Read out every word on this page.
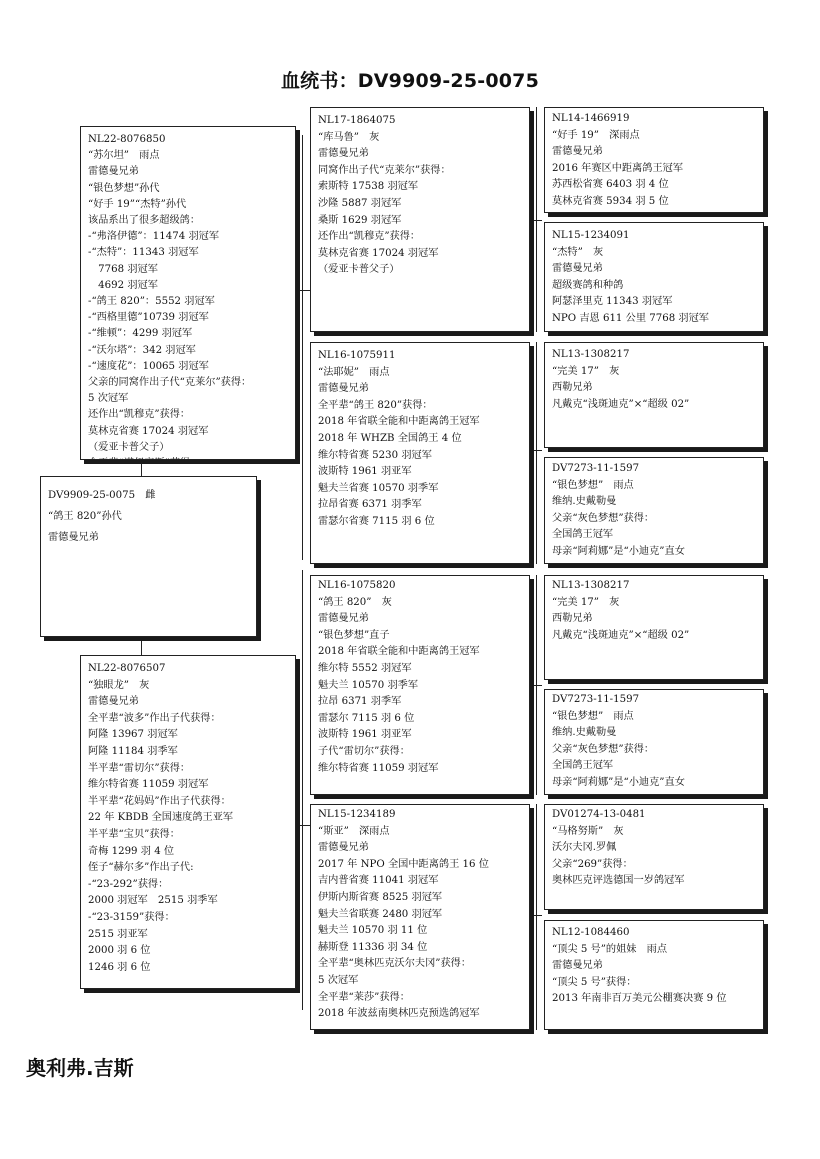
血统书：DV9909-25-0075
DV9909-25-0075　雌
“鸽王 820”孙代
雷德曼兄弟
NL22-8076850
“苏尔坦”　雨点
雷德曼兄弟
“银色梦想”孙代
“好手 19”“杰特”孙代
该品系出了很多超级鸽：
-“弗洛伊德”：11474 羽冠军
-“杰特”：11343 羽冠军
　7768 羽冠军
　4692 羽冠军
-“鸽王 820”：5552 羽冠军
-“西格里德”10739 羽冠军
-“维顿”：4299 羽冠军
-“沃尔塔”：342 羽冠军
-“速度花”：10065 羽冠军
父亲的同窝作出子代“克莱尔”获得：
5 次冠军
还作出“凯穆克”获得：
莫林克省赛 17024 羽冠军
（爱亚卡普父子）
NL22-8076507
“独眼龙”　灰
雷德曼兄弟
全平辈“波多”作出子代获得：
阿隆 13967 羽冠军
阿隆 11184 羽季军
半平辈“雷切尔”获得：
维尔特省赛 11059 羽冠军
半平辈“花妈妈”作出子代获得：
22 年 KBDB 全国速度鸽王亚军
半平辈“宝贝”获得：
奇梅 1299 羽 4 位
侄子“赫尔多”作出子代:
-“23-292”获得：
2000 羽冠军　2515 羽季军
-“23-3159”获得：
2515 羽亚军
2000 羽 6 位
1246 羽 6 位
NL17-1864075
“库马鲁”　灰
雷德曼兄弟
同窝作出子代“克莱尔”获得：
索斯特 17538 羽冠军
沙隆 5887 羽冠军
桑斯 1629 羽冠军
还作出“凯穆克”获得：
莫林克省赛 17024 羽冠军
（爱亚卡普父子）
NL16-1075911
“法耶妮”　雨点
雷德曼兄弟
全平辈“鸽王 820”获得：
2018 年省联全能和中距离鸽王冠军
2018 年 WHZB 全国鸽王 4 位
维尔特省赛 5230 羽冠军
波斯特 1961 羽亚军
魁夫兰省赛 10570 羽季军
拉昂省赛 6371 羽季军
雷瑟尔省赛 7115 羽 6 位
NL16-1075820
“鸽王 820”　灰
雷德曼兄弟
“银色梦想”直子
2018 年省联全能和中距离鸽王冠军
维尔特 5552 羽冠军
魁夫兰 10570 羽季军
拉昂 6371 羽季军
雷瑟尔 7115 羽 6 位
波斯特 1961 羽亚军
子代“雷切尔”获得：
维尔特省赛 11059 羽冠军
NL15-1234189
“斯亚”　深雨点
雷德曼兄弟
2017 年 NPO 全国中距离鸽王 16 位
吉内普省赛 11041 羽冠军
伊斯内斯省赛 8525 羽冠军
魁夫兰省联赛 2480 羽冠军
魁夫兰 10570 羽 11 位
赫斯登 11336 羽 34 位
全平辈“奥林匹克沃尔夫冈”获得：
5 次冠军
全平辈“莱莎”获得：
2018 年波兹南奥林匹克预选鸽冠军
NL14-1466919
“好手 19”　深雨点
雷德曼兄弟
2016 年赛区中距离鸽王冠军
苏西松省赛 6403 羽 4 位
莫林克省赛 5934 羽 5 位
NL15-1234091
“杰特”　灰
雷德曼兄弟
超级赛鸽和种鸽
阿瑟泽里克 11343 羽冠军
NPO 吉恩 611 公里 7768 羽冠军
NL13-1308217
“完美 17”　灰
西勒兄弟
凡戴克“浅斑迪克”×“超级 02”
DV7273-11-1597
“银色梦想”　雨点
维纳.史戴勒曼
父亲“灰色梦想”获得：
全国鸽王冠军
母亲“阿莉娜”是“小迪克”直女
NL13-1308217
“完美 17”　灰
西勒兄弟
凡戴克“浅斑迪克”×“超级 02”
DV7273-11-1597
“银色梦想”　雨点
维纳.史戴勒曼
父亲“灰色梦想”获得：
全国鸽王冠军
母亲“阿莉娜”是“小迪克”直女
DV01274-13-0481
“马格努斯”　灰
沃尔夫冈.罗佩
父亲“269”获得：
奥林匹克评选德国一岁鸽冠军
NL12-1084460
“顶尖 5 号”的姐妹　雨点
雷德曼兄弟
“顶尖 5 号”获得：
2013 年南非百万美元公棚赛决赛 9 位
奥利弗.吉斯
